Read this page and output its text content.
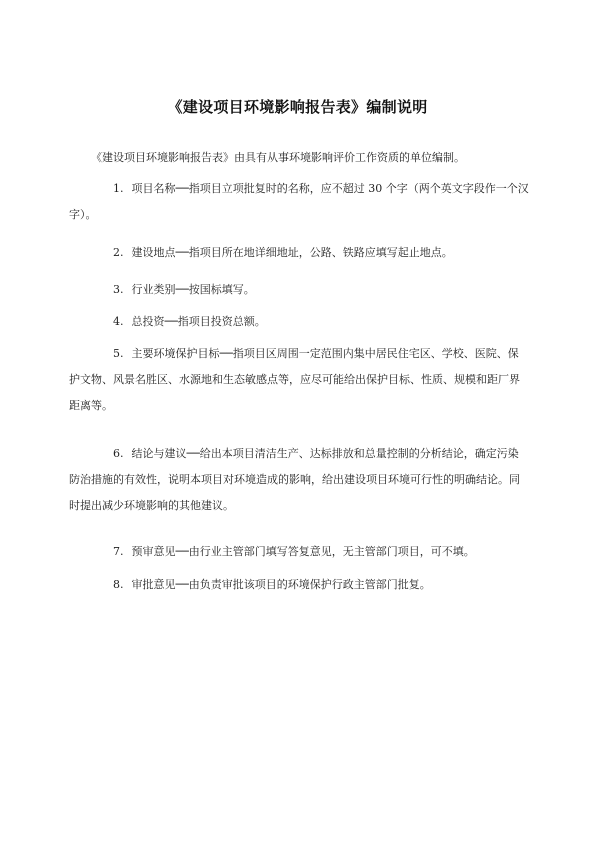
《建设项目环境影响报告表》编制说明

《建设项目环境影响报告表》由具有从事环境影响评价工作资质的单位编制。

1. 项目名称──指项目立项批复时的名称，应不超过 30 个字（两个英文字段作一个汉字）。

2. 建设地点──指项目所在地详细地址，公路、铁路应填写起止地点。

3. 行业类别──按国标填写。

4. 总投资──指项目投资总额。

5. 主要环境保护目标──指项目区周围一定范围内集中居民住宅区、学校、医院、保护文物、风景名胜区、水源地和生态敏感点等，应尽可能给出保护目标、性质、规模和距厂界距离等。

6. 结论与建议──给出本项目清洁生产、达标排放和总量控制的分析结论，确定污染防治措施的有效性，说明本项目对环境造成的影响，给出建设项目环境可行性的明确结论。同时提出减少环境影响的其他建议。

7. 预审意见──由行业主管部门填写答复意见，无主管部门项目，可不填。

8. 审批意见──由负责审批该项目的环境保护行政主管部门批复。
